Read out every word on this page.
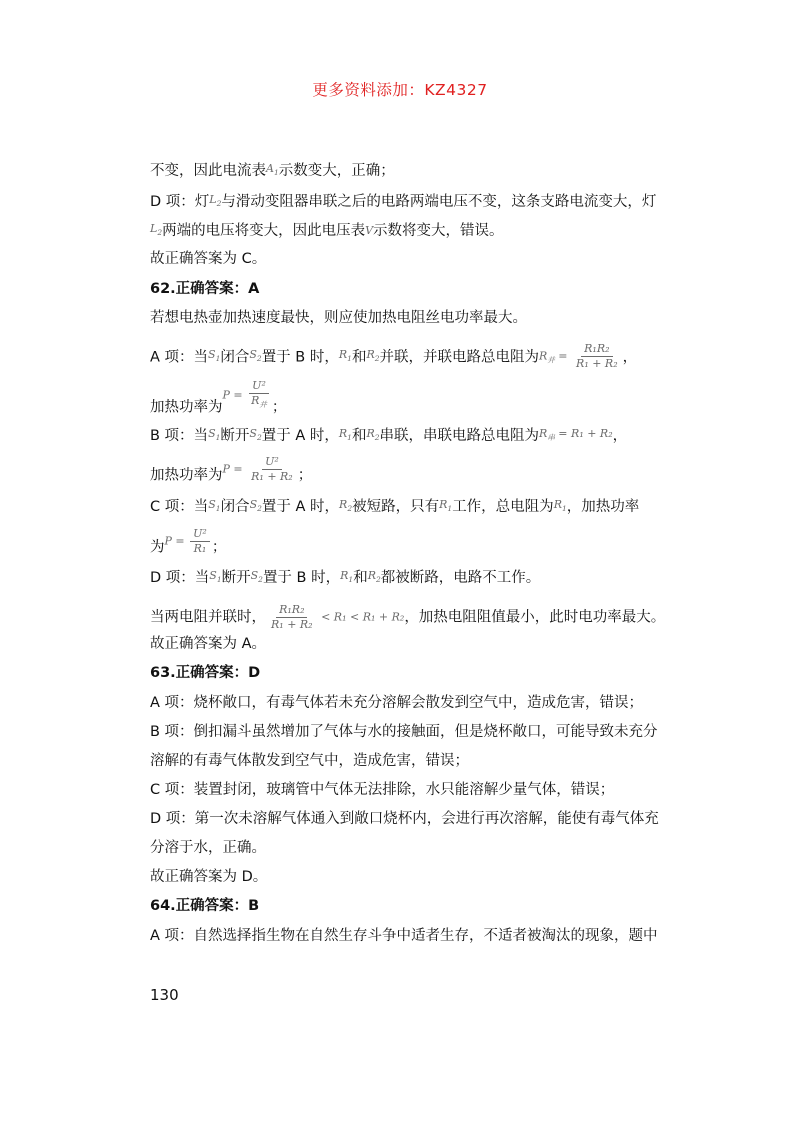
更多资料添加：KZ4327
不变，因此电流表$A_1$示数变大，正确；
D 项：灯$L_2$与滑动变阻器串联之后的电路两端电压不变，这条支路电流变大，灯
$L_2$两端的电压将变大，因此电压表V示数将变大，错误。
故正确答案为 C。
62.正确答案：A
若想电热壶加热速度最快，则应使加热电阻丝电功率最大。
A 项：当$S_1$闭合$S_2$置于 B 时，$R_1$和$R_2$并联，并联电路总电阻为$R_并 = \frac{\text{R₁R₂}}{\text{R₁ + R₂}}$ ，
加热功率为$P = \frac{\text{U²}}{R_并}$ ；
B 项：当$S_1$断开$S_2$置于 A 时，$R_1$和$R_2$串联，串联电路总电阻为$R_串 = R_1 + R_2$，
加热功率为$P = \frac{\text{U²}}{\text{R₁ + R₂}}$ ；
C 项：当$S_1$闭合$S_2$置于 A 时，$R_2$被短路，只有$R_1$工作，总电阻为$R_1$，加热功率
为$P = \frac{\text{U²}}{\text{R₁}}$ ；
D 项：当$S_1$断开$S_2$置于 B 时，$R_1$和$R_2$都被断路，电路不工作。
当两电阻并联时， $\frac{\text{R₁R₂}}{\text{R₁ + R₂}} < R_1 < R_1 + R_2$，加热电阻阻值最小，此时电功率最大。
故正确答案为 A。
63.正确答案：D
A 项：烧杯敞口，有毒气体若未充分溶解会散发到空气中，造成危害，错误；
B 项：倒扣漏斗虽然增加了气体与水的接触面，但是烧杯敞口，可能导致未充分
溶解的有毒气体散发到空气中，造成危害，错误；
C 项：装置封闭，玻璃管中气体无法排除，水只能溶解少量气体，错误；
D 项：第一次未溶解气体通入到敞口烧杯内，会进行再次溶解，能使有毒气体充
分溶于水，正确。
故正确答案为 D。
64.正确答案：B
A 项：自然选择指生物在自然生存斗争中适者生存，不适者被淘汰的现象，题中
130
